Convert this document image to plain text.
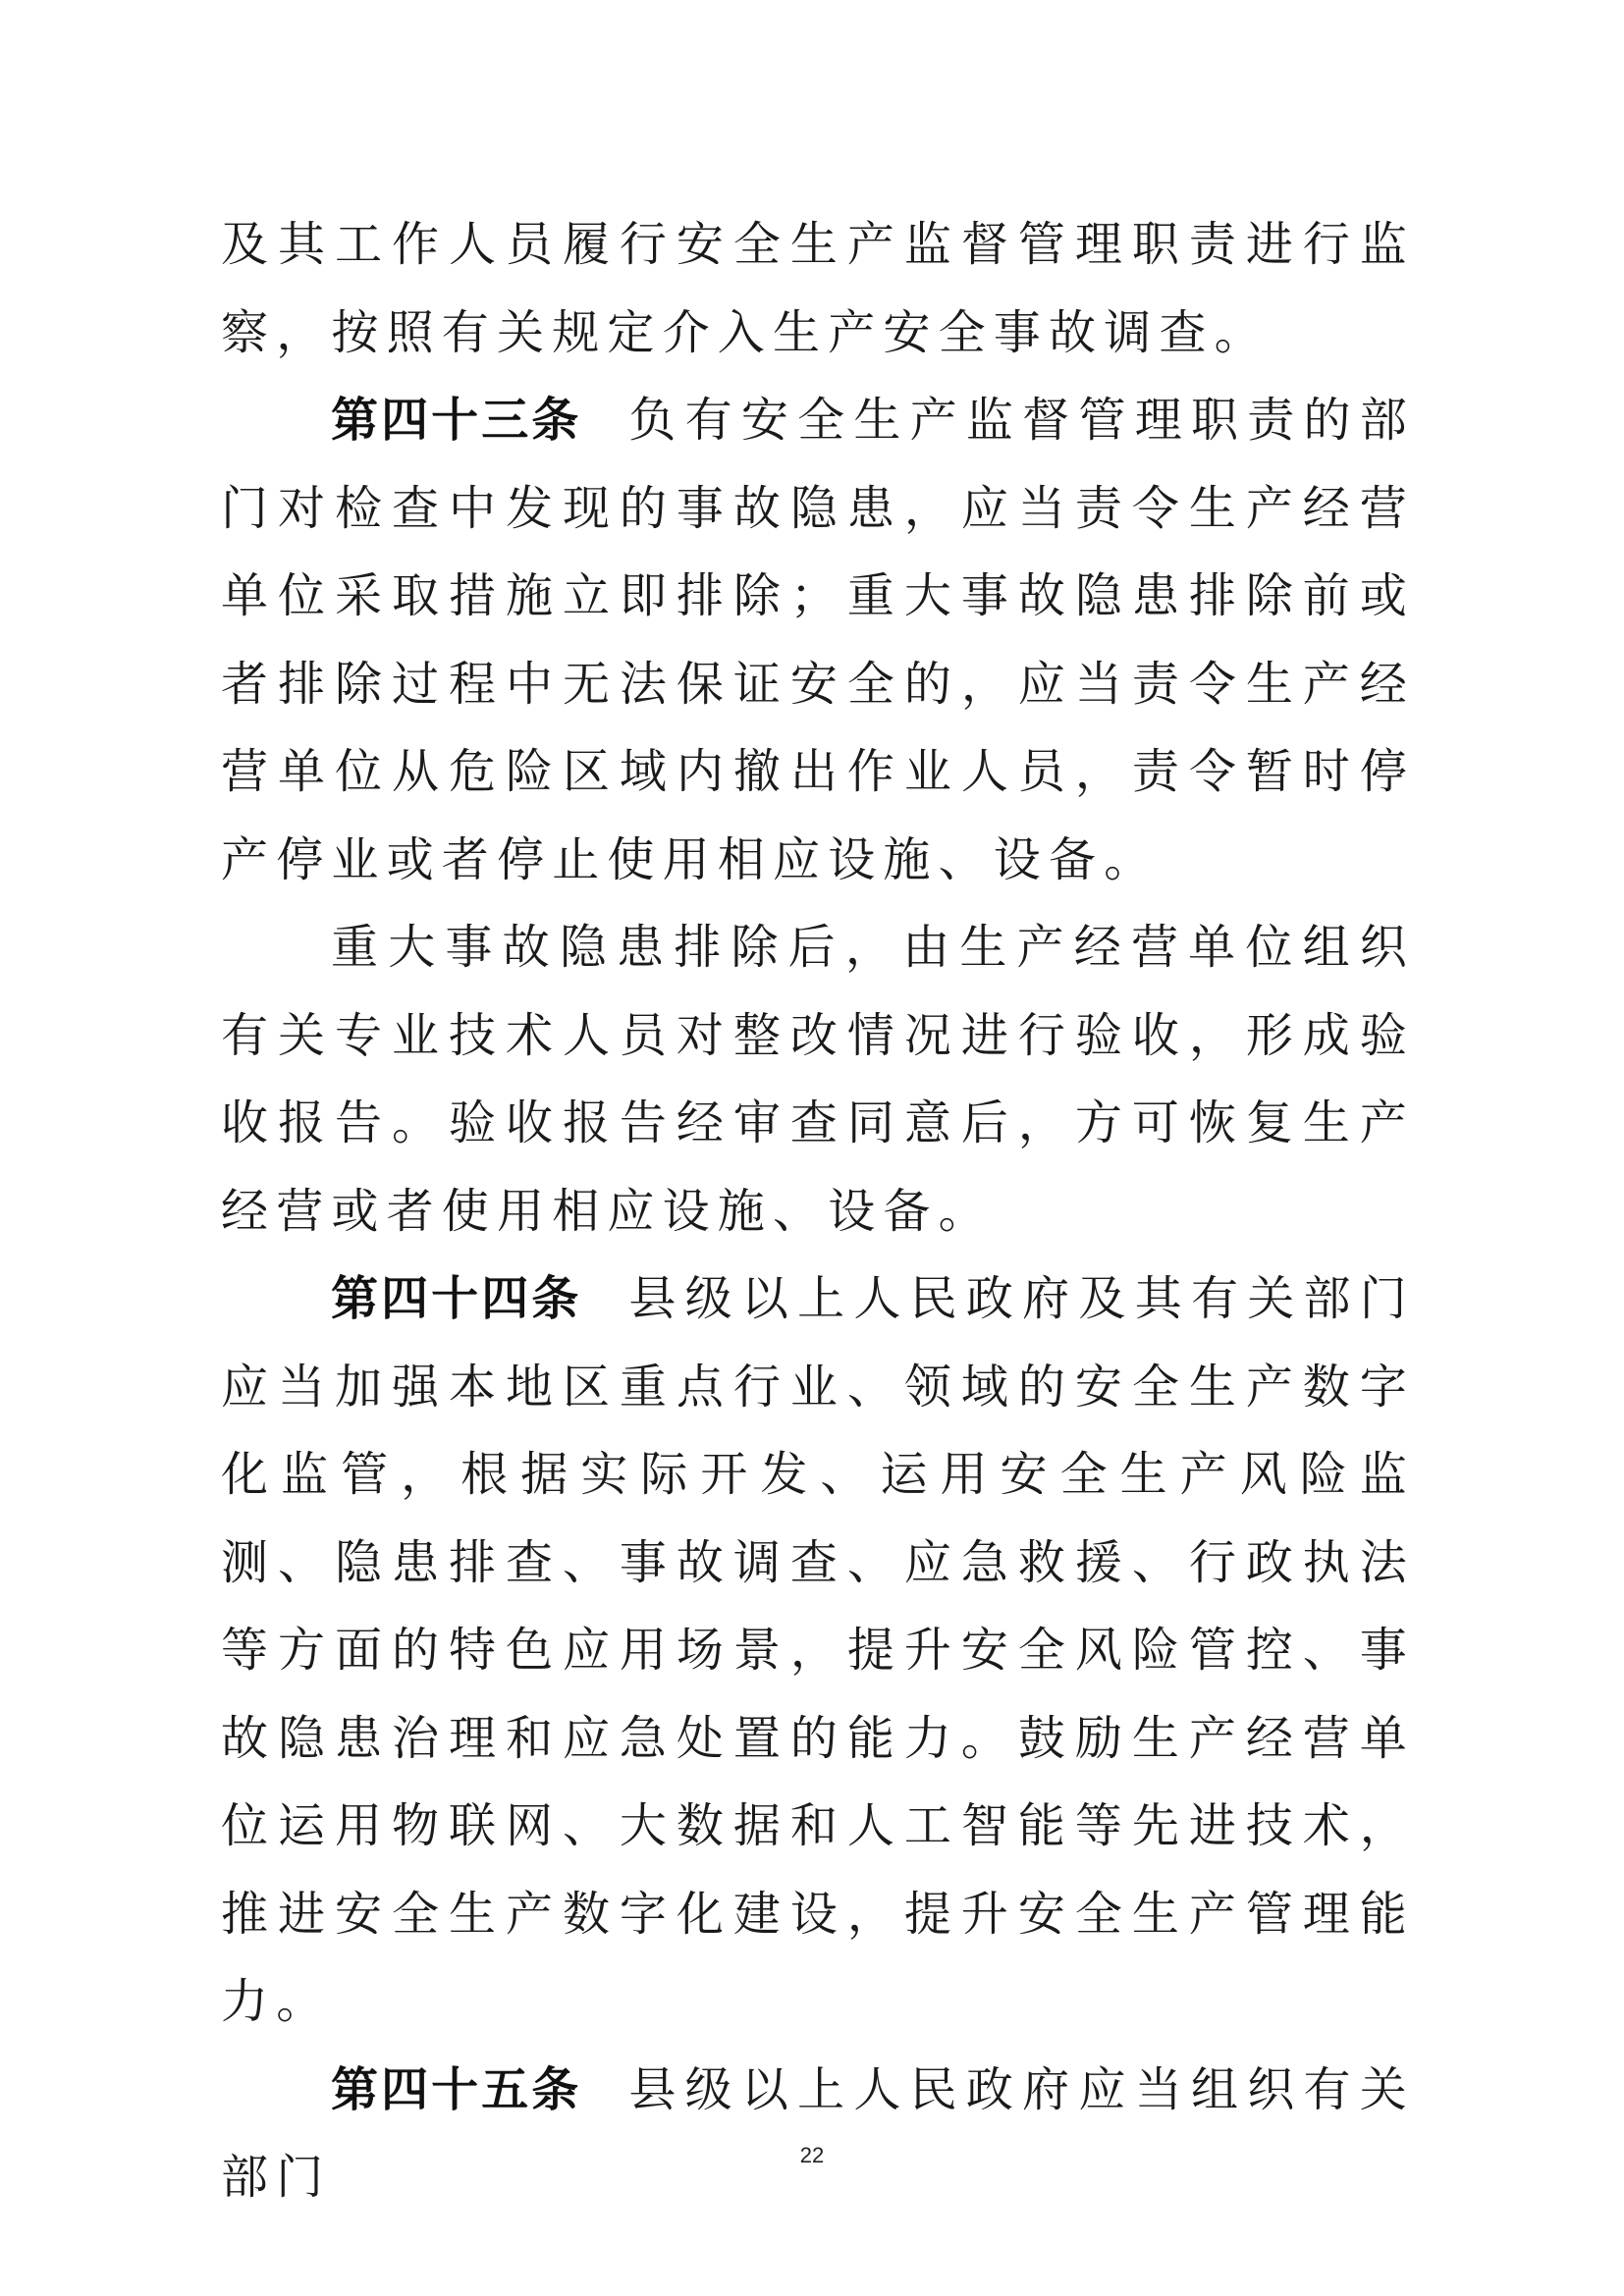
及其工作人员履行安全生产监督管理职责进行监察，按照有关规定介入生产安全事故调查。

第四十三条 负有安全生产监督管理职责的部门对检查中发现的事故隐患，应当责令生产经营单位采取措施立即排除；重大事故隐患排除前或者排除过程中无法保证安全的，应当责令生产经营单位从危险区域内撤出作业人员，责令暂时停产停业或者停止使用相应设施、设备。

重大事故隐患排除后，由生产经营单位组织有关专业技术人员对整改情况进行验收，形成验收报告。验收报告经审查同意后，方可恢复生产经营或者使用相应设施、设备。

第四十四条 县级以上人民政府及其有关部门应当加强本地区重点行业、领域的安全生产数字化监管，根据实际开发、运用安全生产风险监测、隐患排查、事故调查、应急救援、行政执法等方面的特色应用场景，提升安全风险管控、事故隐患治理和应急处置的能力。鼓励生产经营单位运用物联网、大数据和人工智能等先进技术，推进安全生产数字化建设，提升安全生产管理能力。

第四十五条 县级以上人民政府应当组织有关部门	22
